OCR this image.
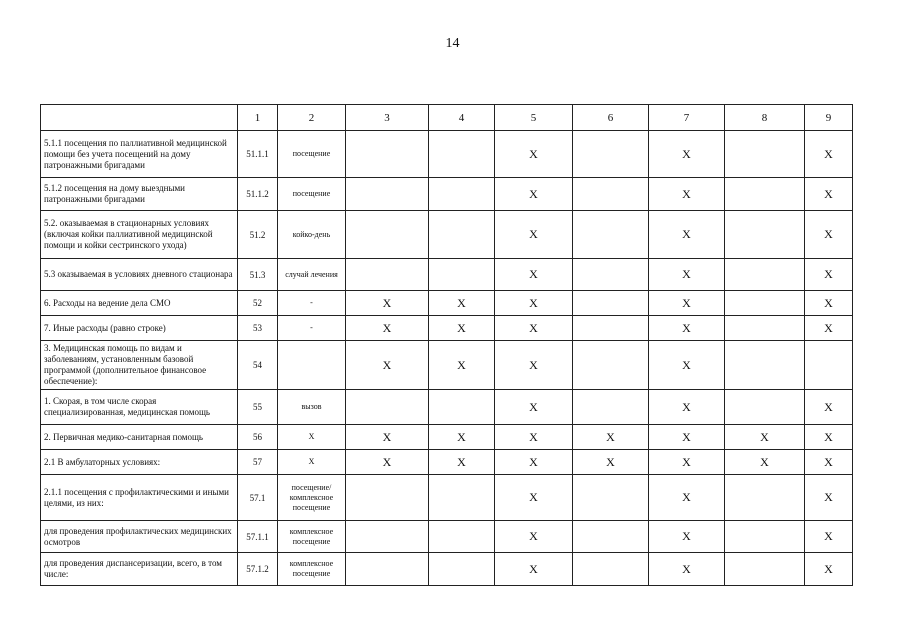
14
	1	2	3	4	5	6	7	8	9
5.1.1 посещения по паллиативной медицинской помощи без учета посещений на дому патронажными бригадами	51.1.1	посещение			X		X		X
5.1.2 посещения на дому выездными патронажными бригадами	51.1.2	посещение			X		X		X
5.2. оказываемая в стационарных условиях (включая койки паллиативной медицинской помощи и койки сестринского ухода)	51.2	койко-день			X		X		X
5.3 оказываемая в условиях дневного стационара	51.3	случай лечения			X		X		X
6. Расходы на ведение дела СМО	52	-	X	X	X		X		X
7. Иные расходы (равно строке)	53	-	X	X	X		X		X
3. Медицинская помощь по видам и заболеваниям, установленным базовой программой (дополнительное финансовое обеспечение):	54		X	X	X		X		
1. Скорая, в том числе скорая специализированная, медицинская помощь	55	вызов			X		X		X
2. Первичная медико-санитарная помощь	56	X	X	X	X	X	X	X	X
2.1 В амбулаторных условиях:	57	X	X	X	X	X	X	X	X
2.1.1 посещения с профилактическими и иными целями, из них:	57.1	посещение/ комплексное посещение			X		X		X
для проведения профилактических медицинских осмотров	57.1.1	комплексное посещение			X		X		X
для проведения диспансеризации, всего, в том числе:	57.1.2	комплексное посещение			X		X		X
